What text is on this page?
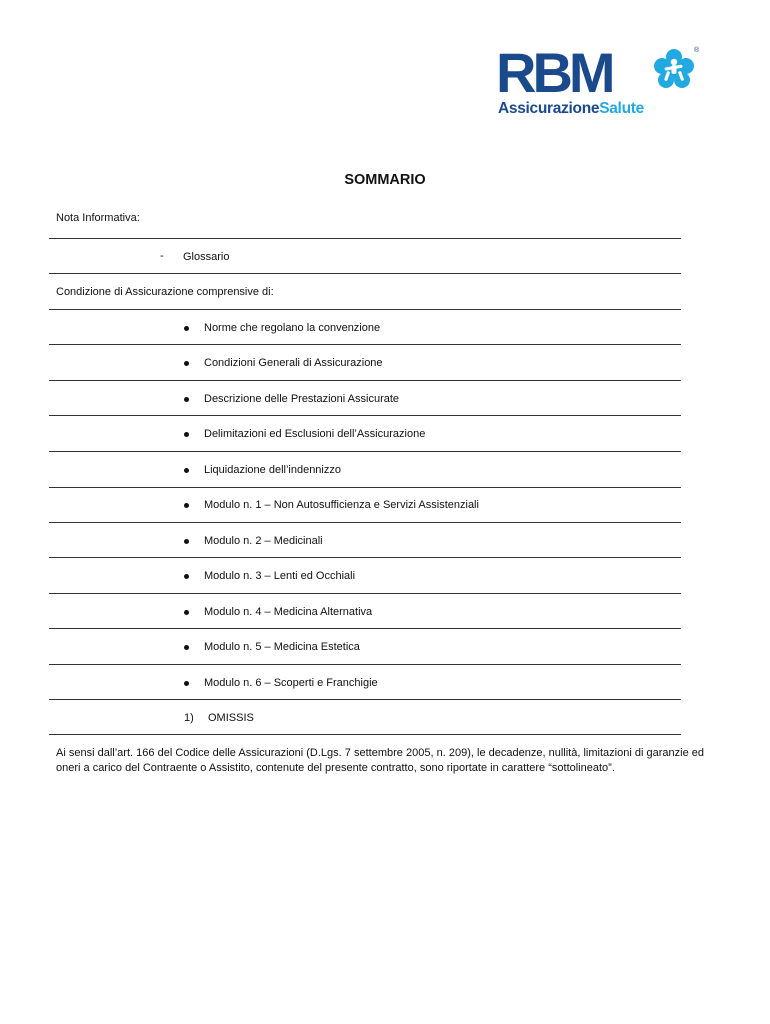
RBM	®
AssicurazioneSalute
SOMMARIO
Nota Informativa:
- Glossario
Condizione di Assicurazione comprensive di:
Norme che regolano la convenzione
Condizioni Generali di Assicurazione
Descrizione delle Prestazioni Assicurate
Delimitazioni ed Esclusioni dell’Assicurazione
Liquidazione dell’indennizzo
Modulo n. 1 – Non Autosufficienza e Servizi Assistenziali
Modulo n. 2 – Medicinali
Modulo n. 3 – Lenti ed Occhiali
Modulo n. 4 – Medicina Alternativa
Modulo n. 5 – Medicina Estetica
Modulo n. 6 – Scoperti e Franchigie
1) OMISSIS
Ai sensi dall’art. 166 del Codice delle Assicurazioni (D.Lgs. 7 settembre 2005, n. 209), le decadenze, nullità, limitazioni di garanzie ed oneri a carico del Contraente o Assistito, contenute del presente contratto, sono riportate in carattere “sottolineato”.
